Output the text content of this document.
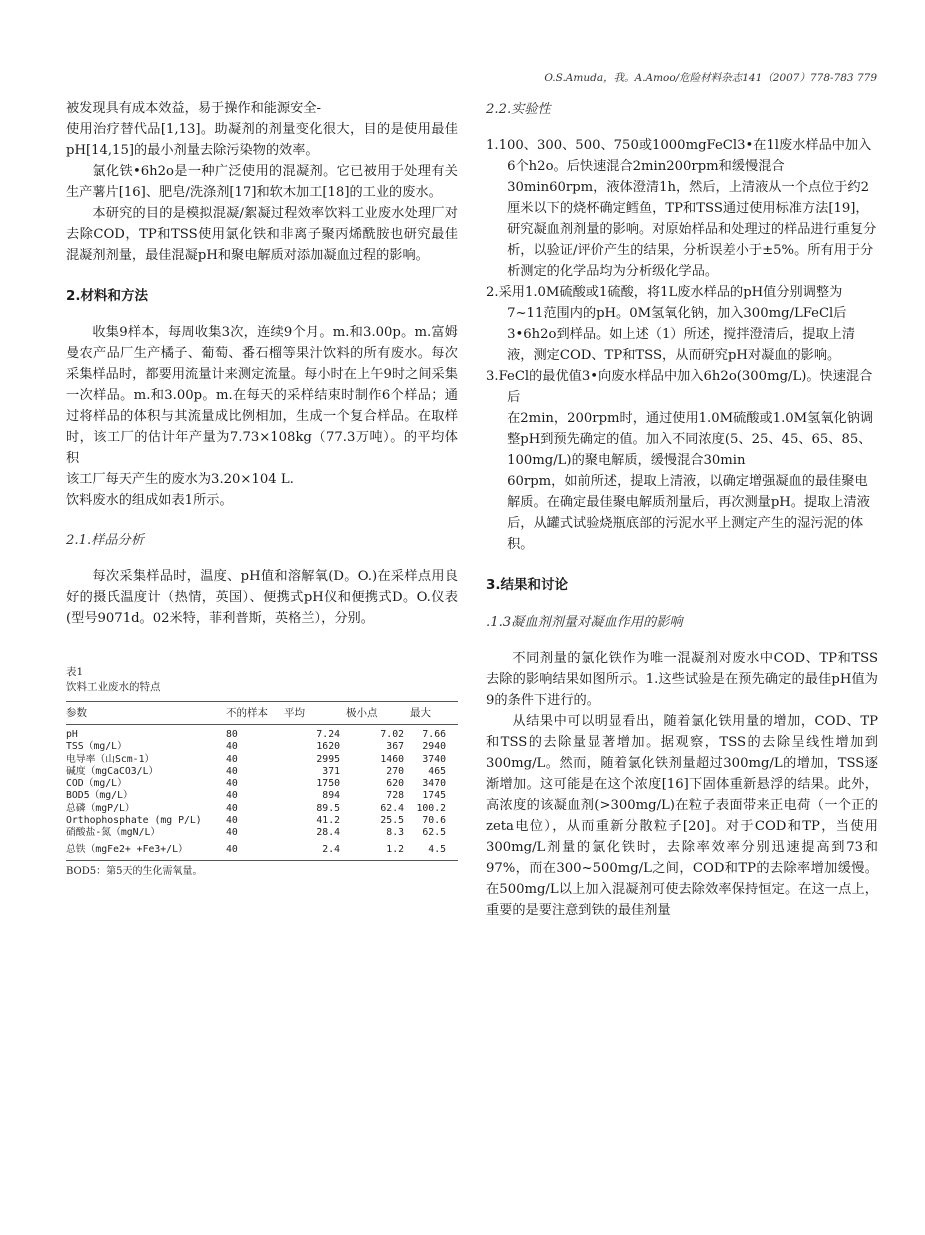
O.S.Amuda，我。A.Amoo/危险材料杂志141（2007）778-783 779

被发现具有成本效益，易于操作和能源安全-

使用治疗替代品[1,13]。助凝剂的剂量变化很大，目的是使用最佳pH[14,15]的最小剂量去除污染物的效率。

氯化铁•6h2o是一种广泛使用的混凝剂。它已被用于处理有关生产薯片[16]、肥皂/洗涤剂[17]和软木加工[18]的工业的废水。

本研究的目的是模拟混凝/絮凝过程效率饮料工业废水处理厂对去除COD，TP和TSS使用氯化铁和非离子聚丙烯酰胺也研究最佳混凝剂剂量，最佳混凝pH和聚电解质对添加凝血过程的影响。

2.材料和方法

收集9样本，每周收集3次，连续9个月。m.和3.00p。m.富姆曼农产品厂生产橘子、葡萄、番石榴等果汁饮料的所有废水。每次采集样品时，都要用流量计来测定流量。每小时在上午9时之间采集一次样品。m.和3.00p。m.在每天的采样结束时制作6个样品；通过将样品的体积与其流量成比例相加，生成一个复合样品。在取样时，该工厂的估计年产量为7.73×108kg（77.3万吨）。的平均体积

该工厂每天产生的废水为3.20×104 L.

饮料废水的组成如表1所示。

2.1.样品分析

每次采集样品时，温度、pH值和溶解氧(D。O.)在采样点用良好的摄氏温度计（热情，英国）、便携式pH仪和便携式D。O.仪表(型号9071d。02米特，菲利普斯，英格兰），分别。

表1
饮料工业废水的特点
参数	不的样本	平均	极小点	最大
pH	80	7.24	7.02	7.66
TSS（mg/L）	40	1620	367	2940
电导率（山Scm-1）	40	2995	1460	3740
碱度（mgCaCO3/L）	40	371	270	465
COD（mg/L）	40	1750	620	3470
BOD5（mg/L）	40	894	728	1745
总磷（mgP/L）	40	89.5	62.4	100.2
Orthophosphate (mg P/L)	40	41.2	25.5	70.6
硝酸盐-氮（mgN/L）	40	28.4	8.3	62.5
总铁（mgFe2+ +Fe3+/L）	40	2.4	1.2	4.5
BOD5：第5天的生化需氧量。

2.2.实验性

1.100、300、500、750或1000mgFeCl3•在1l废水样品中加入6个h2o。后快速混合2min200rpm和缓慢混合30min60rpm，液体澄清1h，然后，上清液从一个点位于约2厘米以下的烧杯确定鳕鱼，TP和TSS通过使用标准方法[19]，研究凝血剂剂量的影响。对原始样品和处理过的样品进行重复分析，以验证/评价产生的结果，分析误差小于±5%。所有用于分析测定的化学品均为分析级化学品。

2.采用1.0M硫酸或1硫酸，将1L废水样品的pH值分别调整为7~11范围内的pH。0M氢氧化钠，加入300mg/LFeCl后3•6h2o到样品。如上述（1）所述，搅拌澄清后，提取上清液，测定COD、TP和TSS，从而研究pH对凝血的影响。

3.FeCl的最优值3•向废水样品中加入6h2o(300mg/L)。快速混合后

在2min，200rpm时，通过使用1.0M硫酸或1.0M氢氧化钠调整pH到预先确定的值。加入不同浓度(5、25、45、65、85、100mg/L)的聚电解质，缓慢混合30min

60rpm，如前所述，提取上清液，以确定增强凝血的最佳聚电解质。在确定最佳聚电解质剂量后，再次测量pH。提取上清液后，从罐式试验烧瓶底部的污泥水平上测定产生的湿污泥的体积。

3.结果和讨论

.1.3凝血剂剂量对凝血作用的影响

不同剂量的氯化铁作为唯一混凝剂对废水中COD、TP和TSS去除的影响结果如图所示。1.这些试验是在预先确定的最佳pH值为9的条件下进行的。

从结果中可以明显看出，随着氯化铁用量的增加，COD、TP和TSS的去除量显著增加。据观察，TSS的去除呈线性增加到300mg/L。然而，随着氯化铁剂量超过300mg/L的增加，TSS逐渐增加。这可能是在这个浓度[16]下固体重新悬浮的结果。此外，高浓度的该凝血剂(>300mg/L)在粒子表面带来正电荷（一个正的zeta电位），从而重新分散粒子[20]。对于COD和TP，当使用300mg/L剂量的氯化铁时，去除率效率分别迅速提高到73和97%，而在300~500mg/L之间，COD和TP的去除率增加缓慢。在500mg/L以上加入混凝剂可使去除效率保持恒定。在这一点上，重要的是要注意到铁的最佳剂量
